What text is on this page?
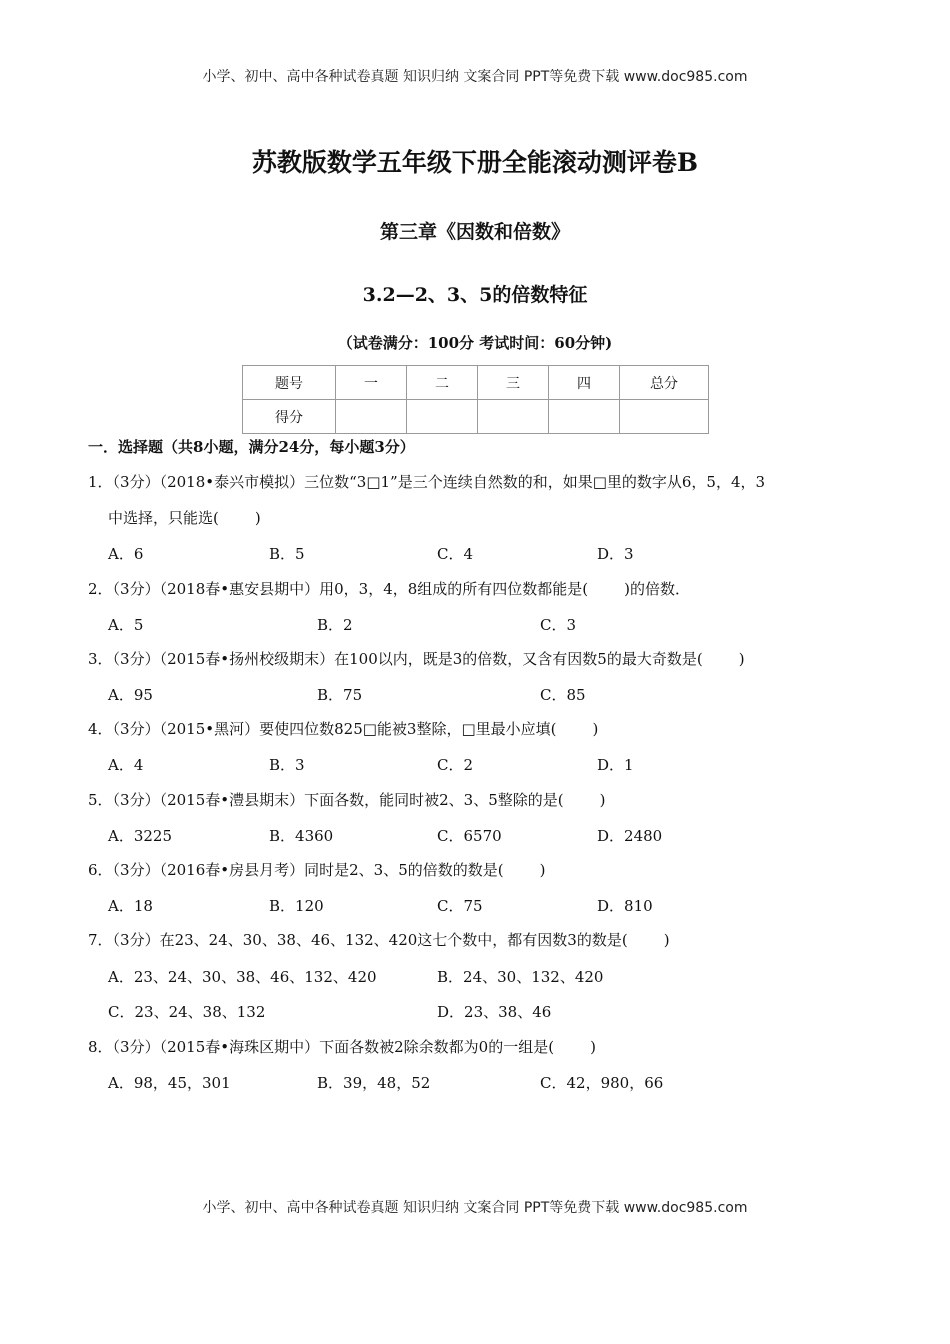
小学、初中、高中各种试卷真题 知识归纳 文案合同 PPT等免费下载 www.doc985.com
苏教版数学五年级下册全能滚动测评卷B
第三章《因数和倍数》
3.2—2、3、5的倍数特征
（试卷满分：100分 考试时间：60分钟)
题号	一	二	三	四	总分
得分					
一．选择题（共8小题，满分24分，每小题3分）
1．（3分）（2018•泰兴市模拟）三位数“3□1”是三个连续自然数的和，如果□里的数字从6，5，4，3
中选择，只能选( )
A．6	B．5	C．4	D．3
2．（3分）（2018春•惠安县期中）用0，3，4，8组成的所有四位数都能是( )的倍数．
A．5	B．2	C．3
3．（3分）（2015春•扬州校级期末）在100以内，既是3的倍数，又含有因数5的最大奇数是( )
A．95	B．75	C．85
4．（3分）（2015•黑河）要使四位数825□能被3整除，□里最小应填( )
A．4	B．3	C．2	D．1
5．（3分）（2015春•澧县期末）下面各数，能同时被2、3、5整除的是( )
A．3225	B．4360	C．6570	D．2480
6．（3分）（2016春•房县月考）同时是2、3、5的倍数的数是( )
A．18	B．120	C．75	D．810
7．（3分）在23、24、30、38、46、132、420这七个数中，都有因数3的数是( )
A．23、24、30、38、46、132、420	B．24、30、132、420
C．23、24、38、132	D．23、38、46
8．（3分）（2015春•海珠区期中）下面各数被2除余数都为0的一组是( )
A．98，45，301	B．39，48，52	C．42，980，66
小学、初中、高中各种试卷真题 知识归纳 文案合同 PPT等免费下载 www.doc985.com
